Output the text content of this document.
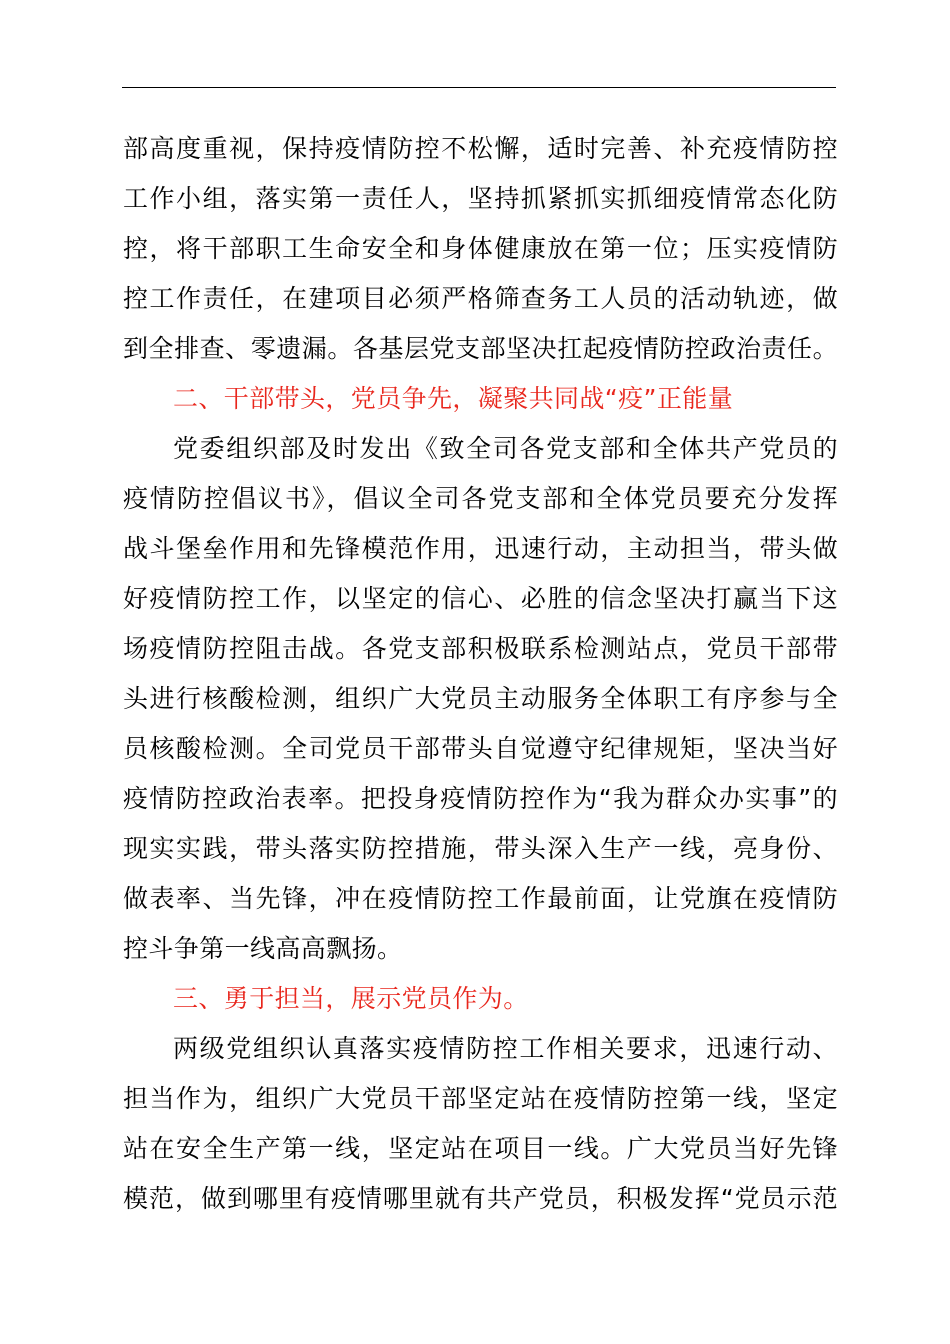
部高度重视，保持疫情防控不松懈，适时完善、补充疫情防控
工作小组，落实第一责任人，坚持抓紧抓实抓细疫情常态化防
控，将干部职工生命安全和身体健康放在第一位；压实疫情防
控工作责任，在建项目必须严格筛查务工人员的活动轨迹，做
到全排查、零遗漏。各基层党支部坚决扛起疫情防控政治责任。
二、干部带头，党员争先，凝聚共同战“疫”正能量
党委组织部及时发出《致全司各党支部和全体共产党员的
疫情防控倡议书》，倡议全司各党支部和全体党员要充分发挥
战斗堡垒作用和先锋模范作用，迅速行动，主动担当，带头做
好疫情防控工作，以坚定的信心、必胜的信念坚决打赢当下这
场疫情防控阻击战。各党支部积极联系检测站点，党员干部带
头进行核酸检测，组织广大党员主动服务全体职工有序参与全
员核酸检测。全司党员干部带头自觉遵守纪律规矩，坚决当好
疫情防控政治表率。把投身疫情防控作为“我为群众办实事”的
现实实践，带头落实防控措施，带头深入生产一线，亮身份、
做表率、当先锋，冲在疫情防控工作最前面，让党旗在疫情防
控斗争第一线高高飘扬。
三、勇于担当，展示党员作为。
两级党组织认真落实疫情防控工作相关要求，迅速行动、
担当作为，组织广大党员干部坚定站在疫情防控第一线，坚定
站在安全生产第一线，坚定站在项目一线。广大党员当好先锋
模范，做到哪里有疫情哪里就有共产党员，积极发挥“党员示范
